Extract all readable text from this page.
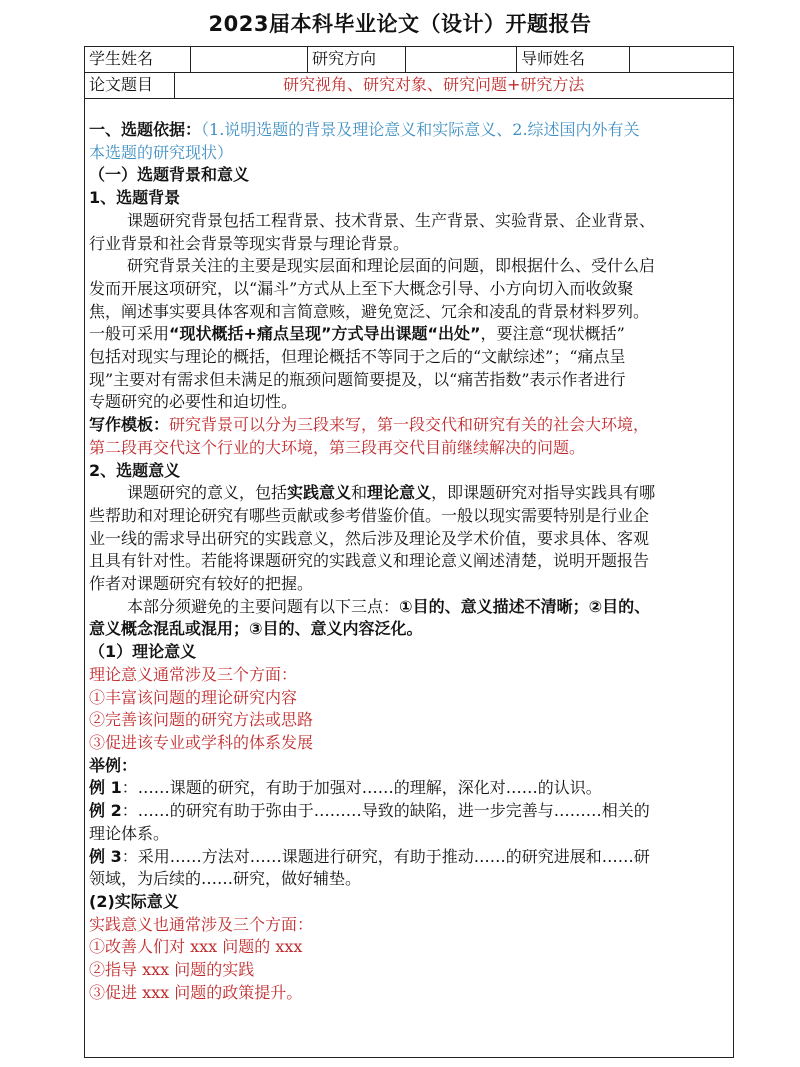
2023届本科毕业论文（设计）开题报告
学生姓名	研究方向	导师姓名
论文题目	研究视角、研究对象、研究问题+研究方法

一、选题依据：（1.说明选题的背景及理论意义和实际意义、2.综述国内外有关

本选题的研究现状）

（一）选题背景和意义

1、选题背景

课题研究背景包括工程背景、技术背景、生产背景、实验背景、企业背景、

行业背景和社会背景等现实背景与理论背景。

研究背景关注的主要是现实层面和理论层面的问题，即根据什么、受什么启

发而开展这项研究，以“漏斗”方式从上至下大概念引导、小方向切入而收敛聚

焦，阐述事实要具体客观和言简意赅，避免宽泛、冗余和凌乱的背景材料罗列。

一般可采用“现状概括+痛点呈现”方式导出课题“出处”，要注意“现状概括”

包括对现实与理论的概括，但理论概括不等同于之后的“文献综述”；“痛点呈

现”主要对有需求但未满足的瓶颈问题简要提及，以“痛苦指数”表示作者进行

专题研究的必要性和迫切性。

写作模板：研究背景可以分为三段来写，第一段交代和研究有关的社会大环境，

第二段再交代这个行业的大环境，第三段再交代目前继续解决的问题。

2、选题意义

课题研究的意义，包括实践意义和理论意义，即课题研究对指导实践具有哪

些帮助和对理论研究有哪些贡献或参考借鉴价值。一般以现实需要特别是行业企

业一线的需求导出研究的实践意义，然后涉及理论及学术价值，要求具体、客观

且具有针对性。若能将课题研究的实践意义和理论意义阐述清楚，说明开题报告

作者对课题研究有较好的把握。

本部分须避免的主要问题有以下三点：①目的、意义描述不清晰；②目的、

意义概念混乱或混用；③目的、意义内容泛化。

（1）理论意义

理论意义通常涉及三个方面：

①丰富该问题的理论研究内容

②完善该问题的研究方法或思路

③促进该专业或学科的体系发展

举例：

例 1：……课题的研究，有助于加强对……的理解，深化对……的认识。

例 2：……的研究有助于弥由于………导致的缺陷，进一步完善与………相关的

理论体系。

例 3：采用……方法对……课题进行研究，有助于推动……的研究进展和……研

领域，为后续的……研究，做好辅垫。

(2)实际意义

实践意义也通常涉及三个方面：

①改善人们对 xxx 问题的 xxx

②指导 xxx 问题的实践

③促进 xxx 问题的政策提升。
